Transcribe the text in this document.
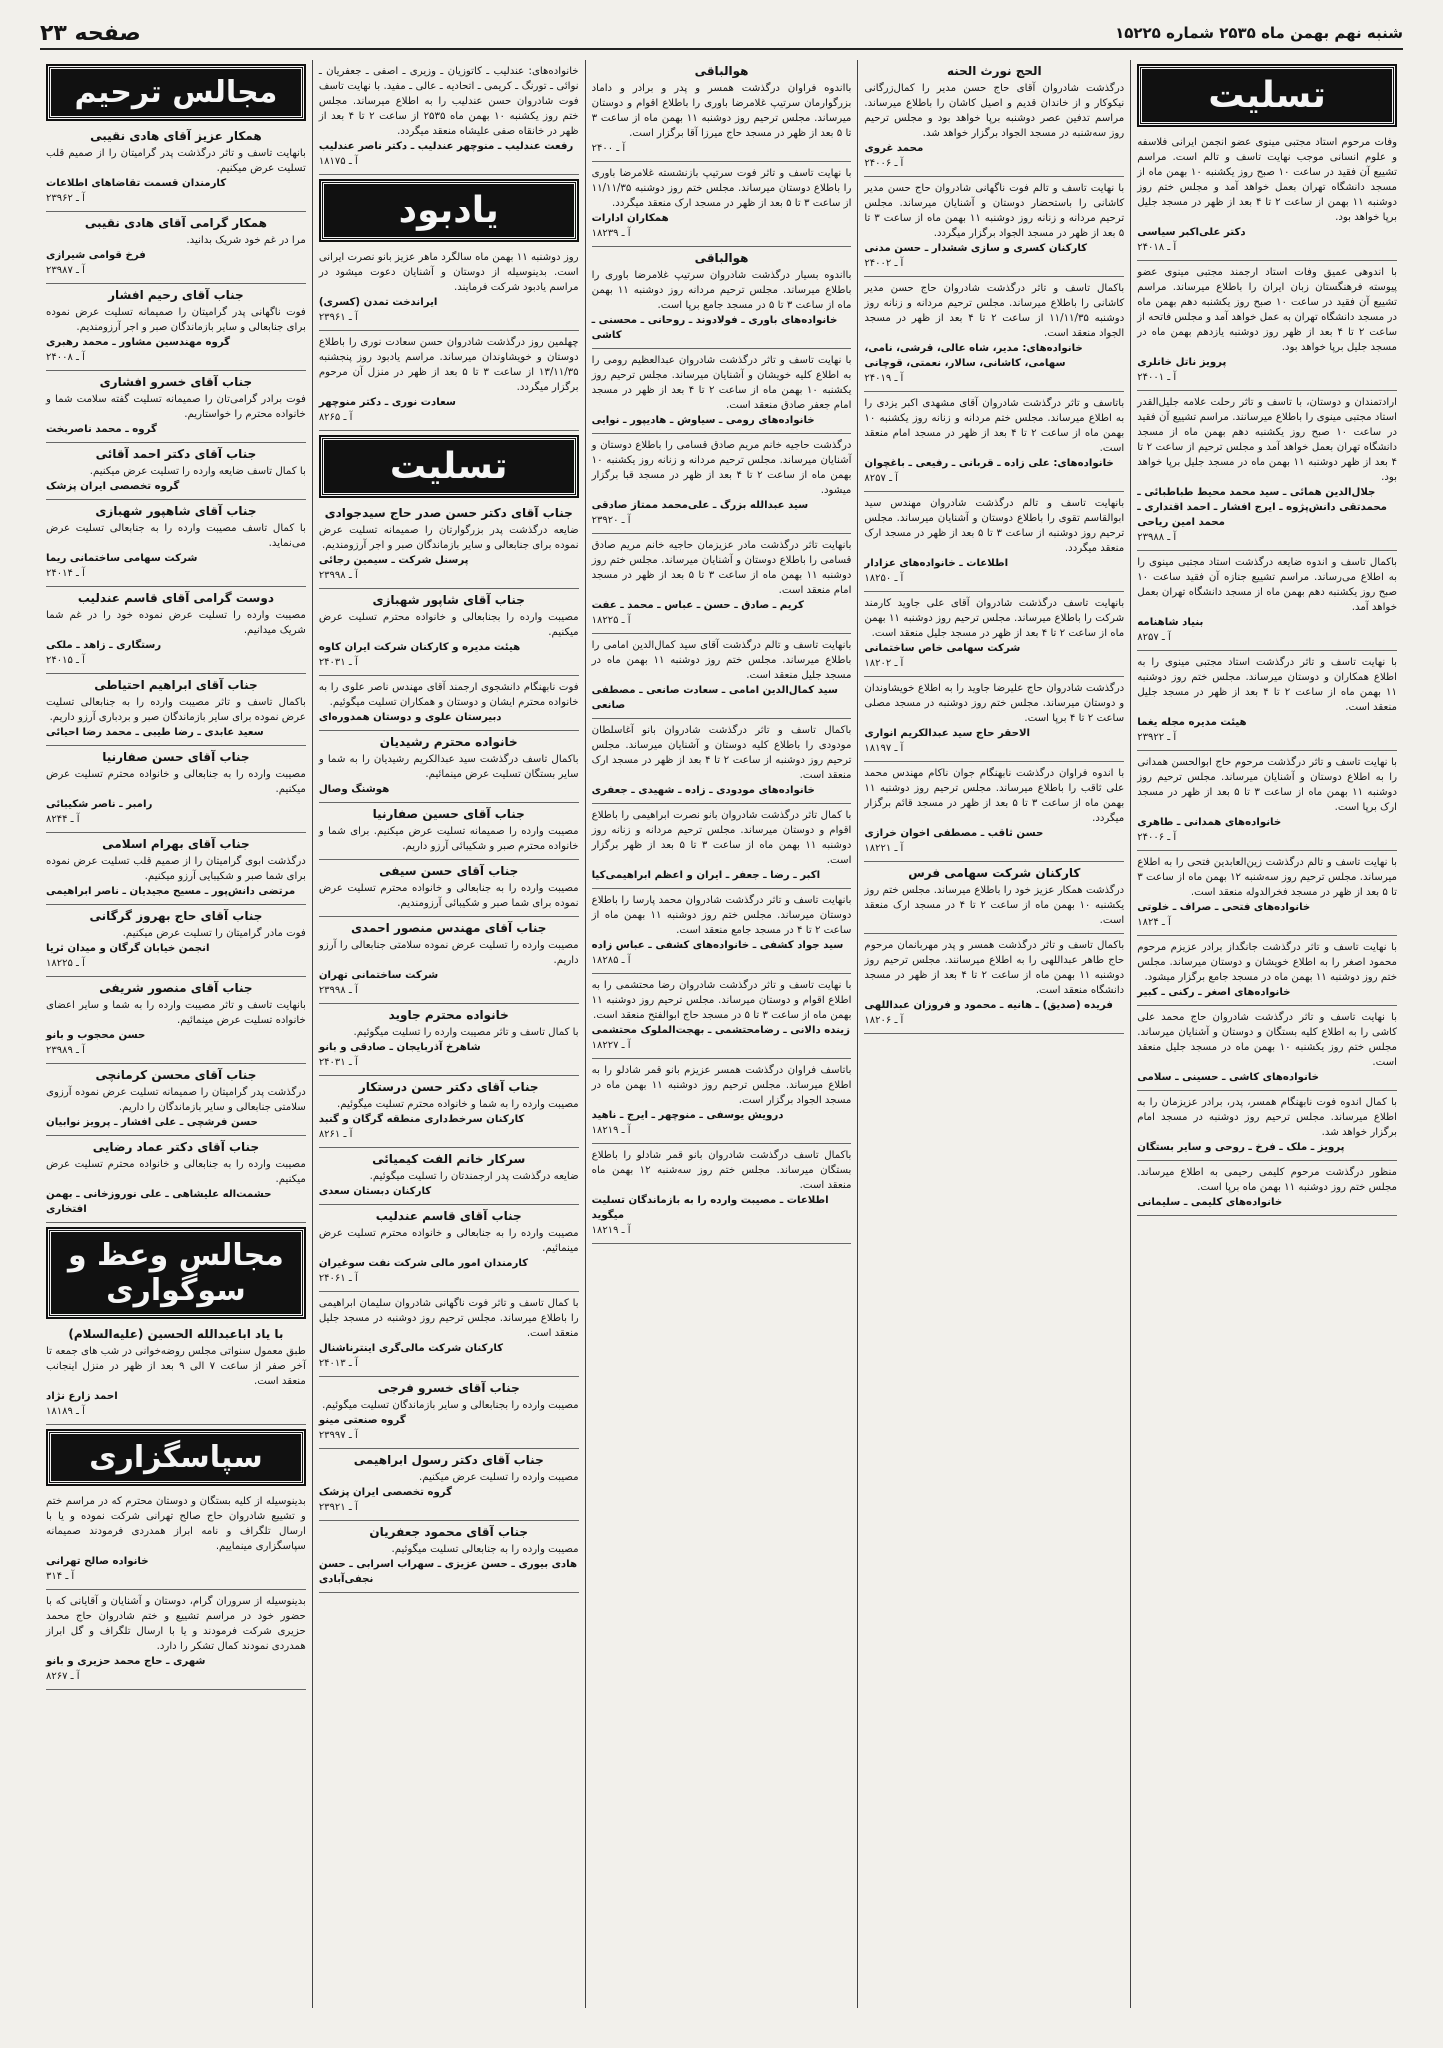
شنبه نهم بهمن ماه ۲۵۳۵ شماره ۱۵۲۲۵
صفحه ۲۳
تسلیت
وفات مرحوم استاد مجتبی مینوی عضو انجمن ایرانی فلاسفه و علوم انسانی موجب نهایت تاسف و تالم است. مراسم تشییع آن فقید در ساعت ۱۰ صبح روز یکشنبه ۱۰ بهمن ماه از مسجد دانشگاه تهران بعمل خواهد آمد و مجلس ختم روز دوشنبه ۱۱ بهمن از ساعت ۲ تا ۴ بعد از ظهر در مسجد جلیل برپا خواهد بود.
دکتر علی‌اکبر سیاسی
آ ـ ۲۴۰۱۸
با اندوهی عمیق وفات استاد ارجمند مجتبی مینوی عضو پیوسته فرهنگستان زبان ایران را باطلاع میرساند. مراسم تشییع آن فقید در ساعت ۱۰ صبح روز یکشنبه دهم بهمن ماه در مسجد دانشگاه تهران به عمل خواهد آمد و مجلس فاتحه از ساعت ۲ تا ۴ بعد از ظهر روز دوشنبه یازدهم بهمن ماه در مسجد جلیل برپا خواهد بود.
پرویز ناتل خانلری
آ ـ ۲۴۰۰۱
ارادتمندان و دوستان، با تاسف و تاثر رحلت علامه جلیل‌القدر استاد مجتبی مینوی را باطلاع میرسانند. مراسم تشییع آن فقید در ساعت ۱۰ صبح روز یکشنبه دهم بهمن ماه از مسجد دانشگاه تهران بعمل خواهد آمد و مجلس ترحیم از ساعت ۲ تا ۴ بعد از ظهر دوشنبه ۱۱ بهمن ماه در مسجد جلیل برپا خواهد بود.
جلال‌الدین همائی ـ سید محمد محیط طباطبائی ـ محمدتقی دانش‌پژوه ـ ایرج افشار ـ احمد اقتداری ـ محمد امین ریاحی
آ ـ ۲۳۹۸۸
باکمال تاسف و اندوه ضایعه درگذشت استاد مجتبی مینوی را به اطلاع می‌رساند. مراسم تشییع جنازه آن فقید ساعت ۱۰ صبح روز یکشنبه دهم بهمن ماه از مسجد دانشگاه تهران بعمل خواهد آمد.
بنیاد شاهنامه
آ ـ ۸۲۵۷
با نهایت تاسف و تاثر درگذشت استاد مجتبی مینوی را به اطلاع همکاران و دوستان میرساند. مجلس ختم روز دوشنبه ۱۱ بهمن ماه از ساعت ۲ تا ۴ بعد از ظهر در مسجد جلیل منعقد است.
هیئت مدیره مجله یغما
آ ـ ۲۳۹۲۲
با نهایت تاسف و تاثر درگذشت مرحوم حاج ابوالحسن همدانی را به اطلاع دوستان و آشنایان میرساند. مجلس ترحیم روز دوشنبه ۱۱ بهمن ماه از ساعت ۳ تا ۵ بعد از ظهر در مسجد ارک برپا است.
خانواده‌های همدانی ـ طاهری
آ ـ ۲۴۰۰۶
با نهایت تاسف و تالم درگذشت زین‌العابدین فتحی را به اطلاع میرساند. مجلس ترحیم روز سه‌شنبه ۱۲ بهمن ماه از ساعت ۳ تا ۵ بعد از ظهر در مسجد فخرالدوله منعقد است.
خانواده‌های فتحی ـ صراف ـ خلوتی
آ ـ ۱۸۲۴
با نهایت تاسف و تاثر درگذشت جانگداز برادر عزیزم مرحوم محمود اصغر را به اطلاع خویشان و دوستان میرساند. مجلس ختم روز دوشنبه ۱۱ بهمن ماه در مسجد جامع برگزار میشود.
خانواده‌های اصغر ـ رکنی ـ کبیر
با نهایت تاسف و تاثر درگذشت شادروان حاج محمد علی کاشی را به اطلاع کلیه بستگان و دوستان و آشنایان میرساند. مجلس ختم روز یکشنبه ۱۰ بهمن ماه در مسجد جلیل منعقد است.
خانواده‌های کاشی ـ حسینی ـ سلامی
با کمال اندوه فوت نابهنگام همسر، پدر، برادر عزیزمان را به اطلاع میرساند. مجلس ترحیم روز دوشنبه در مسجد امام برگزار خواهد شد.
پرویز ـ ملک ـ فرخ ـ روحی و سایر بستگان
منظور درگذشت مرحوم کلیمی رحیمی به اطلاع میرساند. مجلس ختم روز دوشنبه ۱۱ بهمن ماه برپا است.
خانواده‌های کلیمی ـ سلیمانی
الحج نورث الحنه
درگذشت شادروان آقای حاج حسن مدیر را کمال‌زرگانی نیکوکار و از خاندان قدیم و اصیل کاشان را باطلاع میرساند. مراسم تدفین عصر دوشنبه برپا خواهد بود و مجلس ترحیم روز سه‌شنبه در مسجد الجواد برگزار خواهد شد.
محمد غروی
آ ـ ۲۴۰۰۶
با نهایت تاسف و تالم فوت ناگهانی شادروان حاج حسن مدیر کاشانی را باستحضار دوستان و آشنایان میرساند. مجلس ترحیم مردانه و زنانه روز دوشنبه ۱۱ بهمن ماه از ساعت ۳ تا ۵ بعد از ظهر در مسجد الجواد برگزار میگردد.
کارکنان کسری و سازی ششدار ـ حسن مدنی
آ ـ ۲۴۰۰۲
باکمال تاسف و تاثر درگذشت شادروان حاج حسن مدیر کاشانی را باطلاع میرساند. مجلس ترحیم مردانه و زنانه روز دوشنبه ۱۱/۱۱/۳۵ از ساعت ۲ تا ۴ بعد از ظهر در مسجد الجواد منعقد است.
خانواده‌های: مدیر، شاه عالی، قرشی، نامی، سهامی، کاشانی، سالار، نعمتی، قوچانی
آ ـ ۲۴۰۱۹
باتاسف و تاثر درگذشت شادروان آقای مشهدی اکبر یزدی را به اطلاع میرساند. مجلس ختم مردانه و زنانه روز یکشنبه ۱۰ بهمن ماه از ساعت ۲ تا ۴ بعد از ظهر در مسجد امام منعقد است.
خانواده‌های: علی زاده ـ قربانی ـ رفیعی ـ باغچوان
آ ـ ۸۲۵۷
بانهایت تاسف و تالم درگذشت شادروان مهندس سید ابوالقاسم تقوی را باطلاع دوستان و آشنایان میرساند. مجلس ترحیم روز دوشنبه از ساعت ۳ تا ۵ بعد از ظهر در مسجد ارک منعقد میگردد.
اطلاعات ـ خانواده‌های عزادار
آ ـ ۱۸۲۵۰
بانهایت تاسف درگذشت شادروان آقای علی جاوید کارمند شرکت را باطلاع میرساند. مجلس ترحیم روز دوشنبه ۱۱ بهمن ماه از ساعت ۲ تا ۴ بعد از ظهر در مسجد جلیل منعقد است.
شرکت سهامی خاص ساختمانی
آ ـ ۱۸۲۰۲
درگذشت شادروان حاج علیرضا جاوید را به اطلاع خویشاوندان و دوستان میرساند. مجلس ختم روز دوشنبه در مسجد مصلی ساعت ۲ تا ۴ برپا است.
الاحقر حاج سید عبدالکریم انواری
آ ـ ۱۸۱۹۷
با اندوه فراوان درگذشت نابهنگام جوان ناکام مهندس محمد علی ثاقب را باطلاع میرساند. مجلس ترحیم روز دوشنبه ۱۱ بهمن ماه از ساعت ۳ تا ۵ بعد از ظهر در مسجد قائم برگزار میگردد.
حسن ثاقب ـ مصطفی اخوان خرازی
آ ـ ۱۸۲۲۱
کارکنان شرکت سهامی فرس
درگذشت همکار عزیز خود را باطلاع میرساند. مجلس ختم روز یکشنبه ۱۰ بهمن ماه از ساعت ۲ تا ۴ در مسجد ارک منعقد است.
باکمال تاسف و تاثر درگذشت همسر و پدر مهربانمان مرحوم حاج طاهر عبداللهی را به اطلاع میرسانند. مجلس ترحیم روز دوشنبه ۱۱ بهمن ماه از ساعت ۲ تا ۴ بعد از ظهر در مسجد دانشگاه منعقد است.
فریده (صدیق) ـ هانیه ـ محمود و فروزان عبداللهی
آ ـ ۱۸۲۰۶
هوالباقی
بااندوه فراوان درگذشت همسر و پدر و برادر و داماد بزرگوارمان سرتیپ غلامرضا باوری را باطلاع اقوام و دوستان میرساند. مجلس ترحیم روز دوشنبه ۱۱ بهمن ماه از ساعت ۳ تا ۵ بعد از ظهر در مسجد حاج میرزا آقا برگزار است.
آ ـ ۲۴۰۰
با نهایت تاسف و تاثر فوت سرتیپ بازنشسته غلامرضا باوری را باطلاع دوستان میرساند. مجلس ختم روز دوشنبه ۱۱/۱۱/۳۵ از ساعت ۳ تا ۵ بعد از ظهر در مسجد ارک منعقد میگردد.
همکاران ادارات
آ ـ ۱۸۲۳۹
هوالباقی
بااندوه بسیار درگذشت شادروان سرتیپ غلامرضا باوری را باطلاع میرساند. مجلس ترحیم مردانه روز دوشنبه ۱۱ بهمن ماه از ساعت ۳ تا ۵ در مسجد جامع برپا است.
خانواده‌های باوری ـ فولادوند ـ روحانی ـ محسنی ـ کاشی
با نهایت تاسف و تاثر درگذشت شادروان عبدالعظیم رومی را به اطلاع کلیه خویشان و آشنایان میرساند. مجلس ترحیم روز یکشنبه ۱۰ بهمن ماه از ساعت ۲ تا ۴ بعد از ظهر در مسجد امام جعفر صادق منعقد است.
خانواده‌های رومی ـ سیاوش ـ هادیپور ـ نوایی
درگذشت حاجیه خانم مریم صادق قسامی را باطلاع دوستان و آشنایان میرساند. مجلس ترحیم مردانه و زنانه روز یکشنبه ۱۰ بهمن ماه از ساعت ۲ تا ۴ بعد از ظهر در مسجد قبا برگزار میشود.
سید عبدالله بزرگ ـ علی‌محمد ممتاز صادقی
آ ـ ۲۳۹۲۰
بانهایت تاثر درگذشت مادر عزیزمان حاجیه خانم مریم صادق قسامی را باطلاع دوستان و آشنایان میرساند. مجلس ختم روز دوشنبه ۱۱ بهمن ماه از ساعت ۳ تا ۵ بعد از ظهر در مسجد امام منعقد است.
کریم ـ صادق ـ حسن ـ عباس ـ محمد ـ عفت
آ ـ ۱۸۲۲۵
بانهایت تاسف و تالم درگذشت آقای سید کمال‌الدین امامی را باطلاع میرساند. مجلس ختم روز دوشنبه ۱۱ بهمن ماه در مسجد جلیل منعقد است.
سید کمال‌الدین امامی ـ سعادت صانعی ـ مصطفی صانعی
باکمال تاسف و تاثر درگذشت شادروان بانو آغاسلطان مودودی را باطلاع کلیه دوستان و آشنایان میرساند. مجلس ترحیم روز دوشنبه از ساعت ۲ تا ۴ بعد از ظهر در مسجد ارک منعقد است.
خانواده‌های مودودی ـ زاده ـ شهیدی ـ جعفری
با کمال تاثر درگذشت شادروان بانو نصرت ابراهیمی را باطلاع اقوام و دوستان میرساند. مجلس ترحیم مردانه و زنانه روز دوشنبه ۱۱ بهمن ماه از ساعت ۳ تا ۵ بعد از ظهر برگزار است.
اکبر ـ رضا ـ جعفر ـ ایران و اعظم ابراهیمی‌کیا
بانهایت تاسف و تاثر درگذشت شادروان محمد پارسا را باطلاع دوستان میرساند. مجلس ختم روز دوشنبه ۱۱ بهمن ماه از ساعت ۲ تا ۴ در مسجد جامع منعقد است.
سید جواد کشفی ـ خانواده‌های کشفی ـ عباس زاده
آ ـ ۱۸۲۸۵
با نهایت تاسف و تاثر درگذشت شادروان رضا محتشمی را به اطلاع اقوام و دوستان میرساند. مجلس ترحیم روز دوشنبه ۱۱ بهمن ماه از ساعت ۳ تا ۵ در مسجد حاج ابوالفتح منعقد است.
زینده دالانی ـ رضامحتشمی ـ بهجت‌الملوک محتشمی
آ ـ ۱۸۲۲۷
باتاسف فراوان درگذشت همسر عزیزم بانو قمر شادلو را به اطلاع میرساند. مجلس ترحیم روز دوشنبه ۱۱ بهمن ماه در مسجد الجواد برگزار است.
درویش یوسفی ـ منوچهر ـ ایرج ـ ناهید
آ ـ ۱۸۲۱۹
باکمال تاسف درگذشت شادروان بانو قمر شادلو را باطلاع بستگان میرساند. مجلس ختم روز سه‌شنبه ۱۲ بهمن ماه منعقد است.
اطلاعات ـ مصیبت وارده را به بازماندگان تسلیت میگوید
آ ـ ۱۸۲۱۹
خانواده‌های: عندلیب ـ کاتوزیان ـ وزیری ـ اصفی ـ جعفریان ـ نوائی ـ تورنگ ـ کریمی ـ اتحادیه ـ عالی ـ مفید. با نهایت تاسف فوت شادروان حسن عندلیب را به اطلاع میرساند. مجلس ختم روز یکشنبه ۱۰ بهمن ماه ۲۵۳۵ از ساعت ۲ تا ۴ بعد از ظهر در خانقاه صفی علیشاه منعقد میگردد.
رفعت عندلیب ـ منوچهر عندلیب ـ دکتر ناصر عندلیب
آ ـ ۱۸۱۷۵
یادبود
روز دوشنبه ۱۱ بهمن ماه سالگرد ماهر عزیز بانو نصرت ایرانی است. بدینوسیله از دوستان و آشنایان دعوت میشود در مراسم یادبود شرکت فرمایند.
ایراندخت تمدن (کسری)
آ ـ ۲۳۹۶۱
چهلمین روز درگذشت شادروان حسن سعادت نوری را باطلاع دوستان و خویشاوندان میرساند. مراسم یادبود روز پنجشنبه ۱۳/۱۱/۳۵ از ساعت ۳ تا ۵ بعد از ظهر در منزل آن مرحوم برگزار میگردد.
سعادت نوری ـ دکتر منوچهر
آ ـ ۸۲۶۵
تسلیت
جناب آقای دکتر حسن صدر حاج سیدجوادی
ضایعه درگذشت پدر بزرگوارتان را صمیمانه تسلیت عرض نموده برای جنابعالی و سایر بازماندگان صبر و اجر آرزومندیم.
پرسنل شرکت ـ سیمین رجائی
آ ـ ۲۳۹۹۸
جناب آقای شاپور شهبازی
مصیبت وارده را بجنابعالی و خانواده محترم تسلیت عرض میکنیم.
هیئت مدیره و کارکنان شرکت ایران کاوه
آ ـ ۲۴۰۳۱
فوت نابهنگام دانشجوی ارجمند آقای مهندس ناصر علوی را به خانواده محترم ایشان و دوستان و همکاران تسلیت میگوئیم.
دبیرستان علوی و دوستان همدوره‌ای
خانواده محترم رشیدیان
باکمال تاسف درگذشت سید عبدالکریم رشیدیان را به شما و سایر بستگان تسلیت عرض مینمائیم.
هوشنگ وصال
جناب آقای حسین صفارنیا
مصیبت وارده را صمیمانه تسلیت عرض میکنیم. برای شما و خانواده محترم صبر و شکیبائی آرزو داریم.
جناب آقای حسن سیفی
مصیبت وارده را به جنابعالی و خانواده محترم تسلیت عرض نموده برای شما صبر و شکیبائی آرزومندیم.
جناب آقای مهندس منصور احمدی
مصیبت وارده را تسلیت عرض نموده سلامتی جنابعالی را آرزو داریم.
شرکت ساختمانی تهران
آ ـ ۲۳۹۹۸
خانواده محترم جاوید
با کمال تاسف و تاثر مصیبت وارده را تسلیت میگوئیم.
شاهرخ آذربایجان ـ صادقی و بانو
آ ـ ۲۴۰۳۱
جناب آقای دکتر حسن درستکار
مصیبت وارده را به شما و خانواده محترم تسلیت میگوئیم.
کارکنان سرخط‌داری منطقه گرگان و گنبد
آ ـ ۸۲۶۱
سرکار خانم الفت کیمیائی
ضایعه درگذشت پدر ارجمندتان را تسلیت میگوئیم.
کارکنان دبستان سعدی
جناب آقای قاسم عندلیب
مصیبت وارده را به جنابعالی و خانواده محترم تسلیت عرض مینمائیم.
کارمندان امور مالی شرکت نفت سوغیران
آ ـ ۲۴۰۶۱
با کمال تاسف و تاثر فوت ناگهانی شادروان سلیمان ابراهیمی را باطلاع میرساند. مجلس ترحیم روز دوشنبه در مسجد جلیل منعقد است.
کارکنان شرکت مالی‌گری اینترناشنال
آ ـ ۲۴۰۱۳
جناب آقای خسرو فرجی
مصیبت وارده را بجنابعالی و سایر بازماندگان تسلیت میگوئیم.
گروه صنعتی مینو
آ ـ ۲۳۹۹۷
جناب آقای دکتر رسول ابراهیمی
مصیبت وارده را تسلیت عرض میکنیم.
گروه تخصصی ایران پزشک
آ ـ ۲۳۹۲۱
جناب آقای محمود جعفریان
مصیبت وارده را به جنابعالی تسلیت میگوئیم.
هادی بیوری ـ حسن عزیزی ـ سهراب اسرابی ـ حسن نجفی‌آبادی
مجالس ترحیم
همکار عزیز آقای هادی نقیبی
بانهایت تاسف و تاثر درگذشت پدر گرامیتان را از صمیم قلب تسلیت عرض میکنیم.
کارمندان قسمت تقاضاهای اطلاعات
آ ـ ۲۳۹۶۲
همکار گرامی آقای هادی نقیبی
مرا در غم خود شریک بدانید.
فرخ قوامی شیرازی
آ ـ ۲۳۹۸۷
جناب آقای رحیم افشار
فوت ناگهانی پدر گرامیتان را صمیمانه تسلیت عرض نموده برای جنابعالی و سایر بازماندگان صبر و اجر آرزومندیم.
گروه مهندسین مشاور ـ محمد رهبری
آ ـ ۲۴۰۰۸
جناب آقای خسرو افشاری
فوت برادر گرامی‌تان را صمیمانه تسلیت گفته سلامت شما و خانواده محترم را خواستاریم.
گروه ـ محمد ناصربخت
جناب آقای دکتر احمد آقائی
با کمال تاسف ضایعه وارده را تسلیت عرض میکنیم.
گروه تخصصی ایران پزشک
جناب آقای شاهپور شهبازی
با کمال تاسف مصیبت وارده را به جنابعالی تسلیت عرض می‌نماید.
شرکت سهامی ساختمانی ریما
آ ـ ۲۴۰۱۴
دوست گرامی آقای قاسم عندلیب
مصیبت وارده را تسلیت عرض نموده خود را در غم شما شریک میدانیم.
رستگاری ـ زاهد ـ ملکی
آ ـ ۲۴۰۱۵
جناب آقای ابراهیم احتیاطی
باکمال تاسف و تاثر مصیبت وارده را به جنابعالی تسلیت عرض نموده برای سایر بازماندگان صبر و بردباری آرزو داریم.
سعید عابدی ـ رضا طیبی ـ محمد رضا احیائی
جناب آقای حسن صفارنیا
مصیبت وارده را به جنابعالی و خانواده محترم تسلیت عرض میکنیم.
رامبر ـ ناصر شکیبائی
آ ـ ۸۲۴۴
جناب آقای بهرام اسلامی
درگذشت ابوی گرامیتان را از صمیم قلب تسلیت عرض نموده برای شما صبر و شکیبایی آرزو میکنیم.
مرتضی دانش‌پور ـ مسیح مجیدیان ـ ناصر ابراهیمی
جناب آقای حاج بهروز گرگانی
فوت مادر گرامیتان را تسلیت عرض میکنیم.
انجمن خیابان گرگان و میدان ثریا
آ ـ ۱۸۲۲۵
جناب آقای منصور شریفی
بانهایت تاسف و تاثر مصیبت وارده را به شما و سایر اعضای خانواده تسلیت عرض مینمائیم.
حسن محجوب و بانو
آ ـ ۲۳۹۸۹
جناب آقای محسن کرمانچی
درگذشت پدر گرامیتان را صمیمانه تسلیت عرض نموده آرزوی سلامتی جنابعالی و سایر بازماندگان را داریم.
حسن فرشچی ـ علی افشار ـ پرویز نوابیان
جناب آقای دکتر عماد رضایی
مصیبت وارده را به جنابعالی و خانواده محترم تسلیت عرض میکنیم.
حشمت‌اله علیشاهی ـ علی نوروزخانی ـ بهمن افتخاری
مجالس وعظ و سوگواری
با یاد اباعبدالله الحسین (علیه‌السلام)
طبق معمول سنواتی مجلس روضه‌خوانی در شب های جمعه تا آخر صفر از ساعت ۷ الی ۹ بعد از ظهر در منزل اینجانب منعقد است.
احمد زارع نژاد
آ ـ ۱۸۱۸۹
سپاسگزاری
بدینوسیله از کلیه بستگان و دوستان محترم که در مراسم ختم و تشییع شادروان حاج صالح تهرانی شرکت نموده و یا با ارسال تلگراف و نامه ابراز همدردی فرمودند صمیمانه سپاسگزاری مینماییم.
خانواده صالح تهرانی
آ ـ ۳۱۴
بدینوسیله از سروران گرام، دوستان و آشنایان و آقایانی که با حضور خود در مراسم تشییع و ختم شادروان حاج محمد حزیری شرکت فرمودند و یا با ارسال تلگراف و گل ابراز همدردی نمودند کمال تشکر را دارد.
شهری ـ حاج محمد حزیری و بانو
آ ـ ۸۲۶۷
